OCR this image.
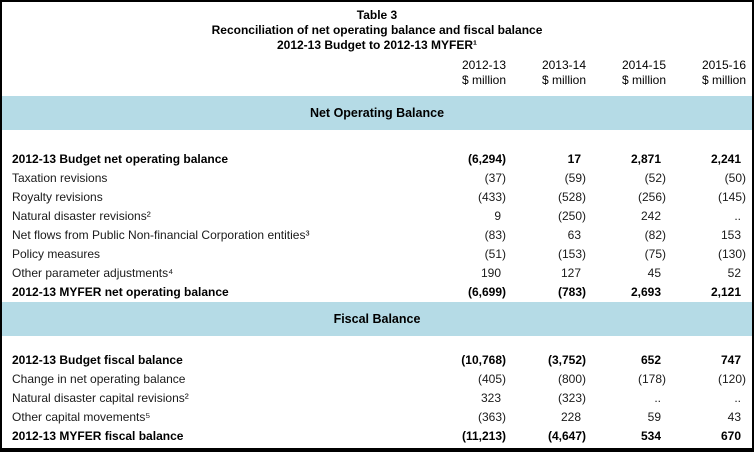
Table 3
Reconciliation of net operating balance and fiscal balance
2012-13 Budget to 2012-13 MYFER¹
2012-13
$ million
2013-14
$ million
2014-15
$ million
2015-16
$ million
Net Operating Balance
2012-13 Budget net operating balance	(6,294)	17	2,871	2,241
Taxation revisions	(37)	(59)	(52)	(50)
Royalty revisions	(433)	(528)	(256)	(145)
Natural disaster revisions²	9	(250)	242	..
Net flows from Public Non-financial Corporation entities³	(83)	63	(82)	153
Policy measures	(51)	(153)	(75)	(130)
Other parameter adjustments⁴	190	127	45	52
2012-13 MYFER net operating balance	(6,699)	(783)	2,693	2,121
Fiscal Balance
2012-13 Budget fiscal balance	(10,768)	(3,752)	652	747
Change in net operating balance	(405)	(800)	(178)	(120)
Natural disaster capital revisions²	323	(323)	..	..
Other capital movements⁵	(363)	228	59	43
2012-13 MYFER fiscal balance	(11,213)	(4,647)	534	670
